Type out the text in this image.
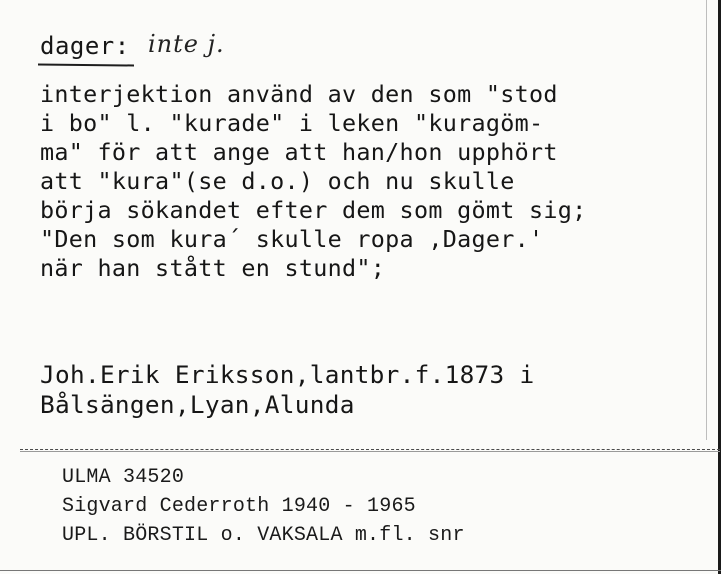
dager: inte j.
interjektion använd av den som "stod
i bo" l. "kurade" i leken "kuragöm-
ma" för att ange att han/hon upphört
att "kura"(se d.o.) och nu skulle
börja sökandet efter dem som gömt sig;
"Den som kura´ skulle ropa ,Dager.'
när han stått en stund";
Joh.Erik Eriksson,lantbr.f.1873 i
Bålsängen,Lyan,Alunda
ULMA 34520
Sigvard Cederroth 1940 - 1965
UPL. BÖRSTIL o. VAKSALA m.fl. snr
